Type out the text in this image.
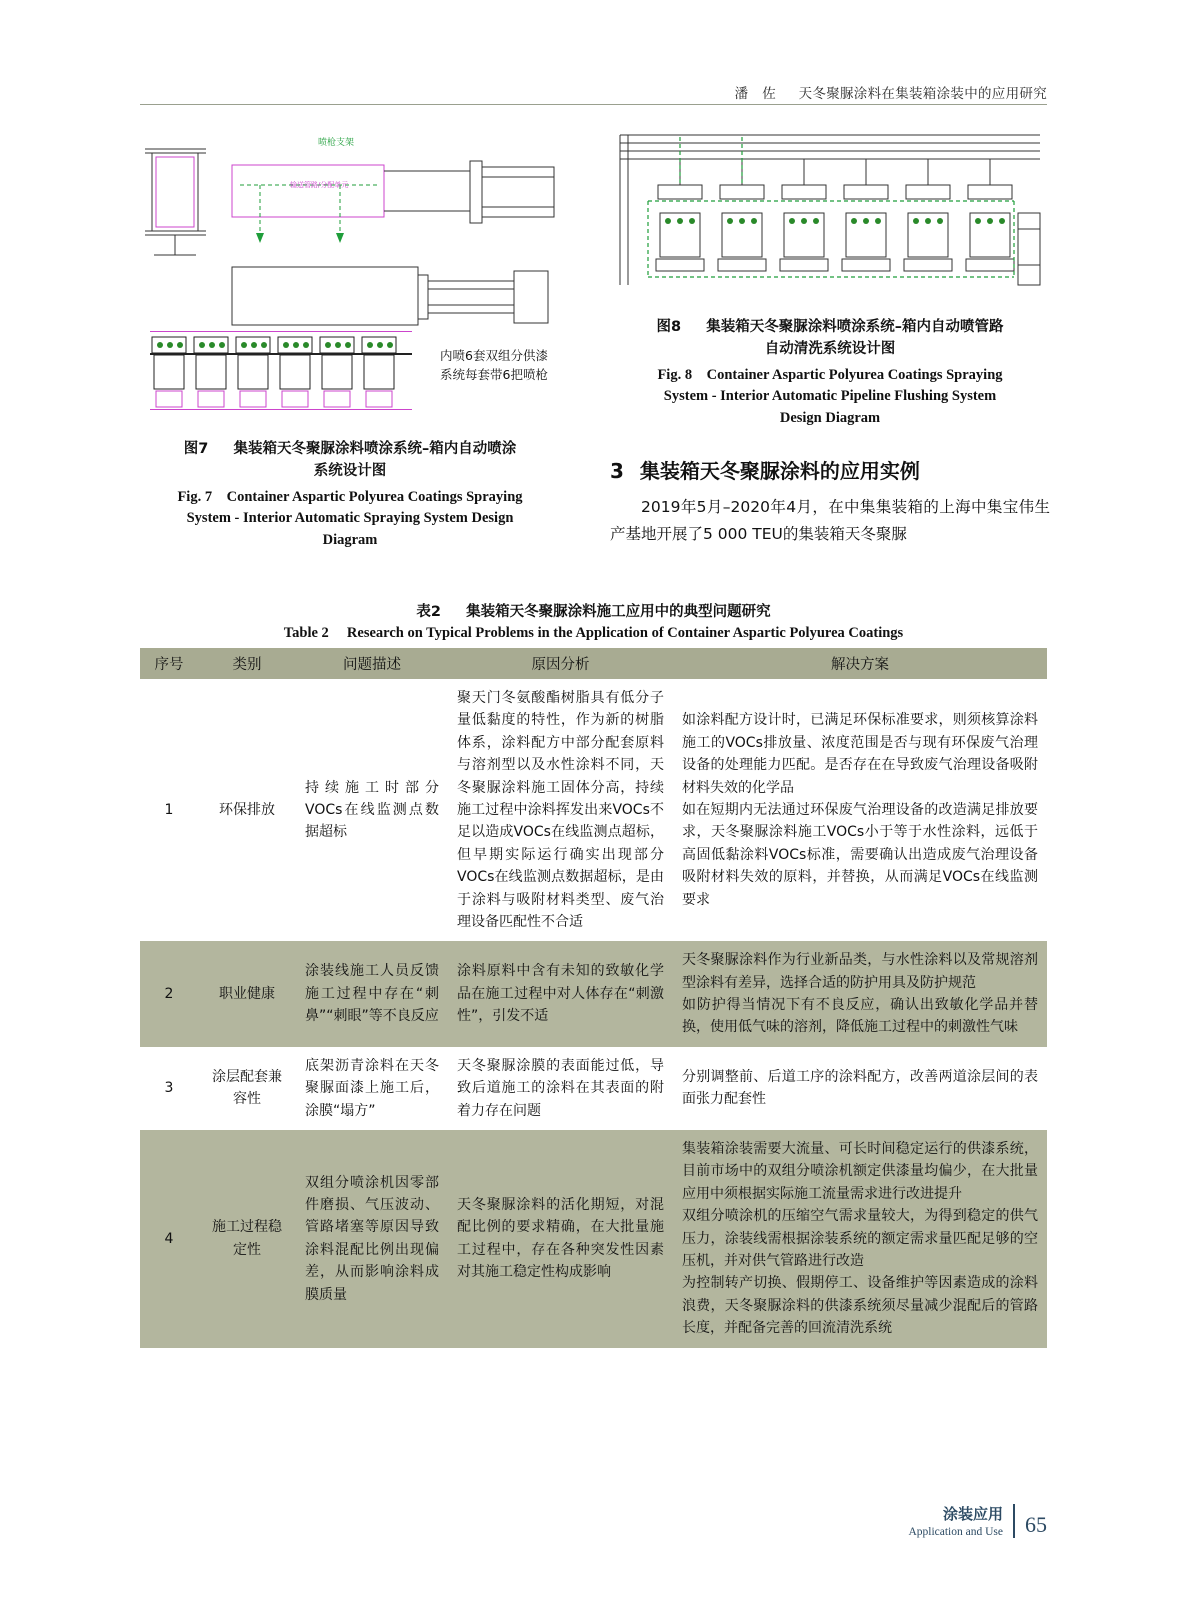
潘　佐 天冬聚脲涂料在集装箱涂装中的应用研究
喷枪支架
输送管路/分配单元
内喷6套双组分供漆系统每套带6把喷枪
图7 集装箱天冬聚脲涂料喷涂系统–箱内自动喷涂
系统设计图
Fig. 7 Container Aspartic Polyurea Coatings Spraying
System - Interior Automatic Spraying System Design
Diagram
图8 集装箱天冬聚脲涂料喷涂系统–箱内自动喷管路
自动清洗系统设计图
Fig. 8 Container Aspartic Polyurea Coatings Spraying
System - Interior Automatic Pipeline Flushing System
Design Diagram
3 集装箱天冬聚脲涂料的应用实例
2019年5月–2020年4月，在中集集装箱的上海中集宝伟生产基地开展了5 000 TEU的集装箱天冬聚脲
表2 集装箱天冬聚脲涂料施工应用中的典型问题研究
Table 2 Research on Typical Problems in the Application of Container Aspartic Polyurea Coatings
序号	类别	问题描述	原因分析	解决方案
1	环保排放	持续施工时部分VOCs在线监测点数据超标	聚天门冬氨酸酯树脂具有低分子量低黏度的特性，作为新的树脂体系，涂料配方中部分配套原料与溶剂型以及水性涂料不同，天冬聚脲涂料施工固体分高，持续施工过程中涂料挥发出来VOCs不足以造成VOCs在线监测点超标，但早期实际运行确实出现部分VOCs在线监测点数据超标，是由于涂料与吸附材料类型、废气治理设备匹配性不合适	如涂料配方设计时，已满足环保标准要求，则须核算涂料施工的VOCs排放量、浓度范围是否与现有环保废气治理设备的处理能力匹配。是否存在在导致废气治理设备吸附材料失效的化学品
如在短期内无法通过环保废气治理设备的改造满足排放要求，天冬聚脲涂料施工VOCs小于等于水性涂料，远低于高固低黏涂料VOCs标准，需要确认出造成废气治理设备吸附材料失效的原料，并替换，从而满足VOCs在线监测要求

2	职业健康	涂装线施工人员反馈施工过程中存在“刺鼻”“刺眼”等不良反应	涂料原料中含有未知的致敏化学品在施工过程中对人体存在“刺激性”，引发不适	天冬聚脲涂料作为行业新品类，与水性涂料以及常规溶剂型涂料有差异，选择合适的防护用具及防护规范
如防护得当情况下有不良反应，确认出致敏化学品并替换，使用低气味的溶剂，降低施工过程中的刺激性气味

3	涂层配套兼容性	底架沥青涂料在天冬聚脲面漆上施工后，涂膜“塌方”	天冬聚脲涂膜的表面能过低，导致后道施工的涂料在其表面的附着力存在问题	分别调整前、后道工序的涂料配方，改善两道涂层间的表面张力配套性

4	施工过程稳定性	双组分喷涂机因零部件磨损、气压波动、管路堵塞等原因导致涂料混配比例出现偏差，从而影响涂料成膜质量	天冬聚脲涂料的活化期短，对混配比例的要求精确，在大批量施工过程中，存在各种突发性因素对其施工稳定性构成影响	集装箱涂装需要大流量、可长时间稳定运行的供漆系统，目前市场中的双组分喷涂机额定供漆量均偏少，在大批量应用中须根据实际施工流量需求进行改进提升
双组分喷涂机的压缩空气需求量较大，为得到稳定的供气压力，涂装线需根据涂装系统的额定需求量匹配足够的空压机，并对供气管路进行改造
为控制转产切换、假期停工、设备维护等因素造成的涂料浪费，天冬聚脲涂料的供漆系统须尽量减少混配后的管路长度，并配备完善的回流清洗系统
涂装应用
Application and Use 65
